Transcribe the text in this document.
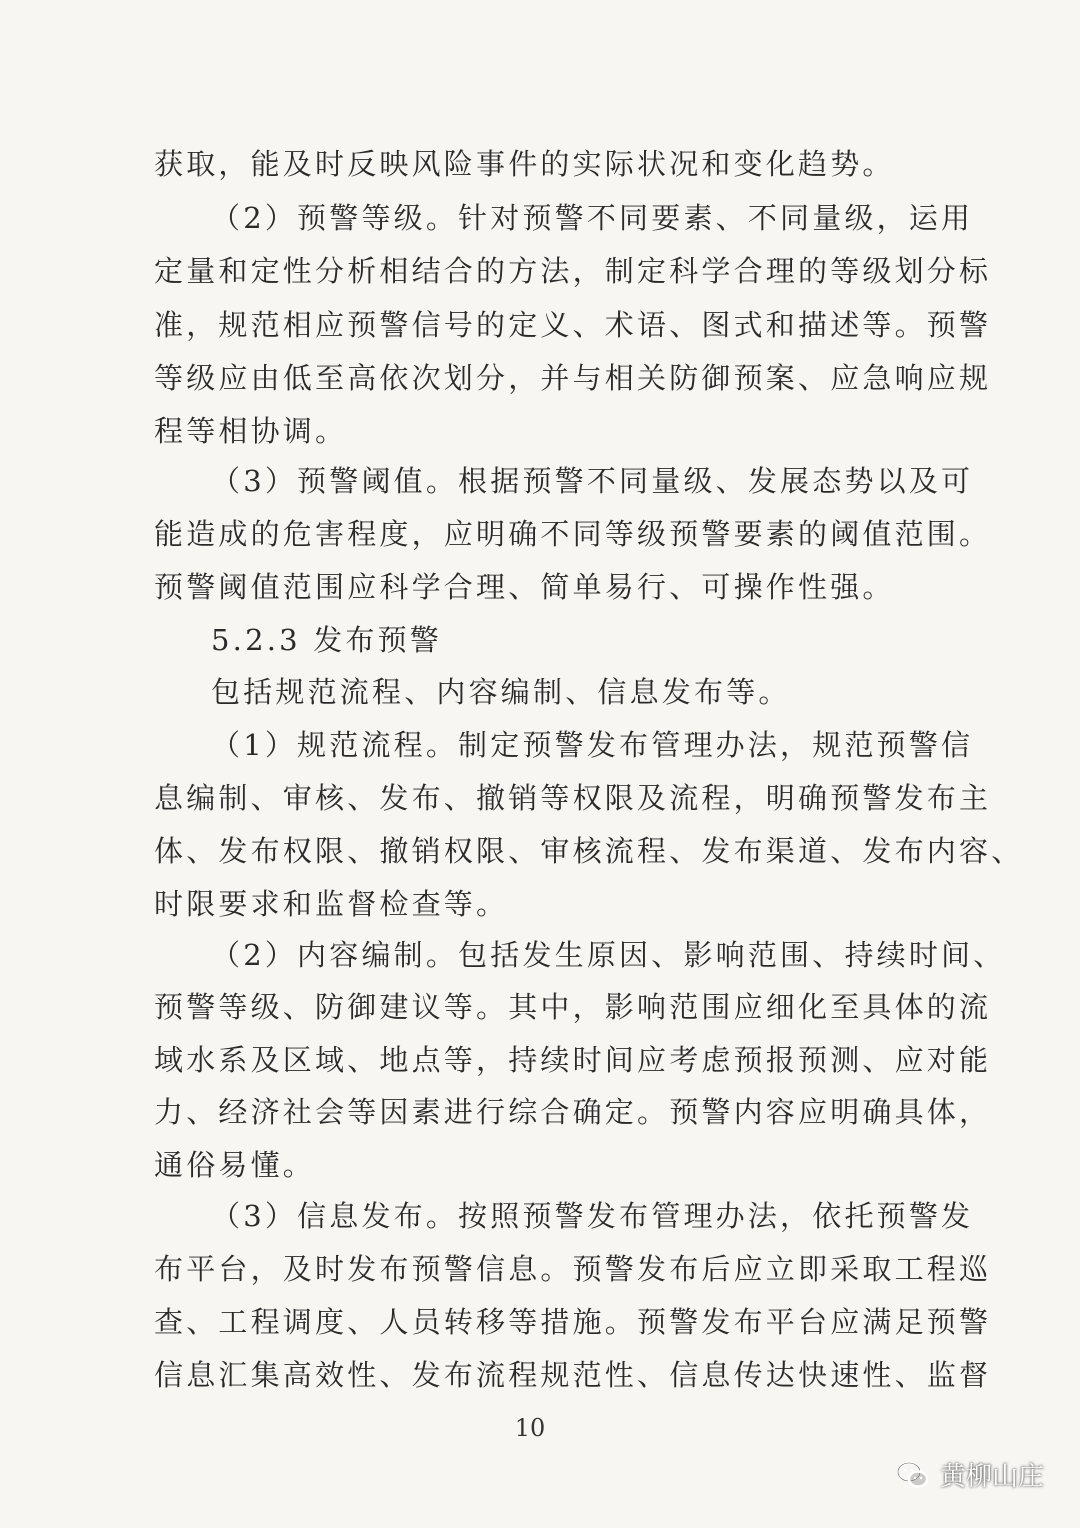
获取，能及时反映风险事件的实际状况和变化趋势。
（2）预警等级。针对预警不同要素、不同量级，运用
定量和定性分析相结合的方法，制定科学合理的等级划分标
准，规范相应预警信号的定义、术语、图式和描述等。预警
等级应由低至高依次划分，并与相关防御预案、应急响应规
程等相协调。
（3）预警阈值。根据预警不同量级、发展态势以及可
能造成的危害程度，应明确不同等级预警要素的阈值范围。
预警阈值范围应科学合理、简单易行、可操作性强。
5.2.3 发布预警
包括规范流程、内容编制、信息发布等。
（1）规范流程。制定预警发布管理办法，规范预警信
息编制、审核、发布、撤销等权限及流程，明确预警发布主
体、发布权限、撤销权限、审核流程、发布渠道、发布内容、
时限要求和监督检查等。
（2）内容编制。包括发生原因、影响范围、持续时间、
预警等级、防御建议等。其中，影响范围应细化至具体的流
域水系及区域、地点等，持续时间应考虑预报预测、应对能
力、经济社会等因素进行综合确定。预警内容应明确具体，
通俗易懂。
（3）信息发布。按照预警发布管理办法，依托预警发
布平台，及时发布预警信息。预警发布后应立即采取工程巡
查、工程调度、人员转移等措施。预警发布平台应满足预警
信息汇集高效性、发布流程规范性、信息传达快速性、监督
10
黄柳山庄
